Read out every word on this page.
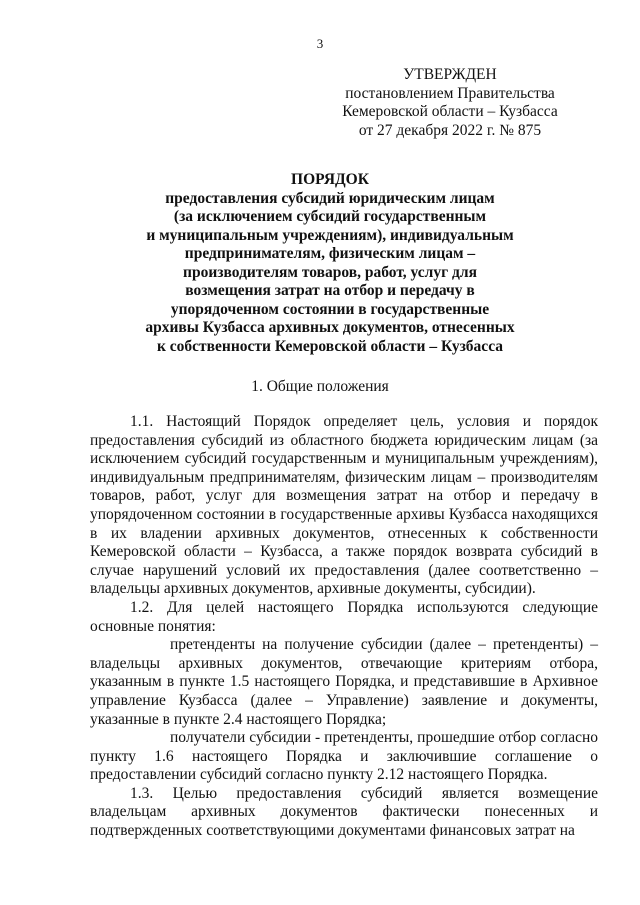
3
УТВЕРЖДЕН
постановлением Правительства
Кемеровской области – Кузбасса
от 27 декабря 2022 г. № 875
ПОРЯДОК
предоставления субсидий юридическим лицам
(за исключением субсидий государственным
и муниципальным учреждениям), индивидуальным
предпринимателям, физическим лицам –
производителям товаров, работ, услуг для
возмещения затрат на отбор и передачу в
упорядоченном состоянии в государственные
архивы Кузбасса архивных документов, отнесенных
к собственности Кемеровской области – Кузбасса
1. Общие положения

1.1. Настоящий Порядок определяет цель, условия и порядок предоставления субсидий из областного бюджета юридическим лицам (за исключением субсидий государственным и муниципальным учреждениям), индивидуальным предпринимателям, физическим лицам – производителям товаров, работ, услуг для возмещения затрат на отбор и передачу в упорядоченном состоянии в государственные архивы Кузбасса находящихся в их владении архивных документов, отнесенных к собственности Кемеровской области – Кузбасса, а также порядок возврата субсидий в случае нарушений условий их предоставления (далее соответственно – владельцы архивных документов, архивные документы, субсидии).

1.2. Для целей настоящего Порядка используются следующие основные понятия:

претенденты на получение субсидии (далее – претенденты) – владельцы архивных документов, отвечающие критериям отбора, указанным в пункте 1.5 настоящего Порядка, и представившие в Архивное управление Кузбасса (далее – Управление) заявление и документы, указанные в пункте 2.4 настоящего Порядка;

получатели субсидии - претенденты, прошедшие отбор согласно пункту 1.6 настоящего Порядка и заключившие соглашение о предоставлении субсидий согласно пункту 2.12 настоящего Порядка.

1.3. Целью предоставления субсидий является возмещение владельцам архивных документов фактически понесенных и подтвержденных соответствующими документами финансовых затрат на
